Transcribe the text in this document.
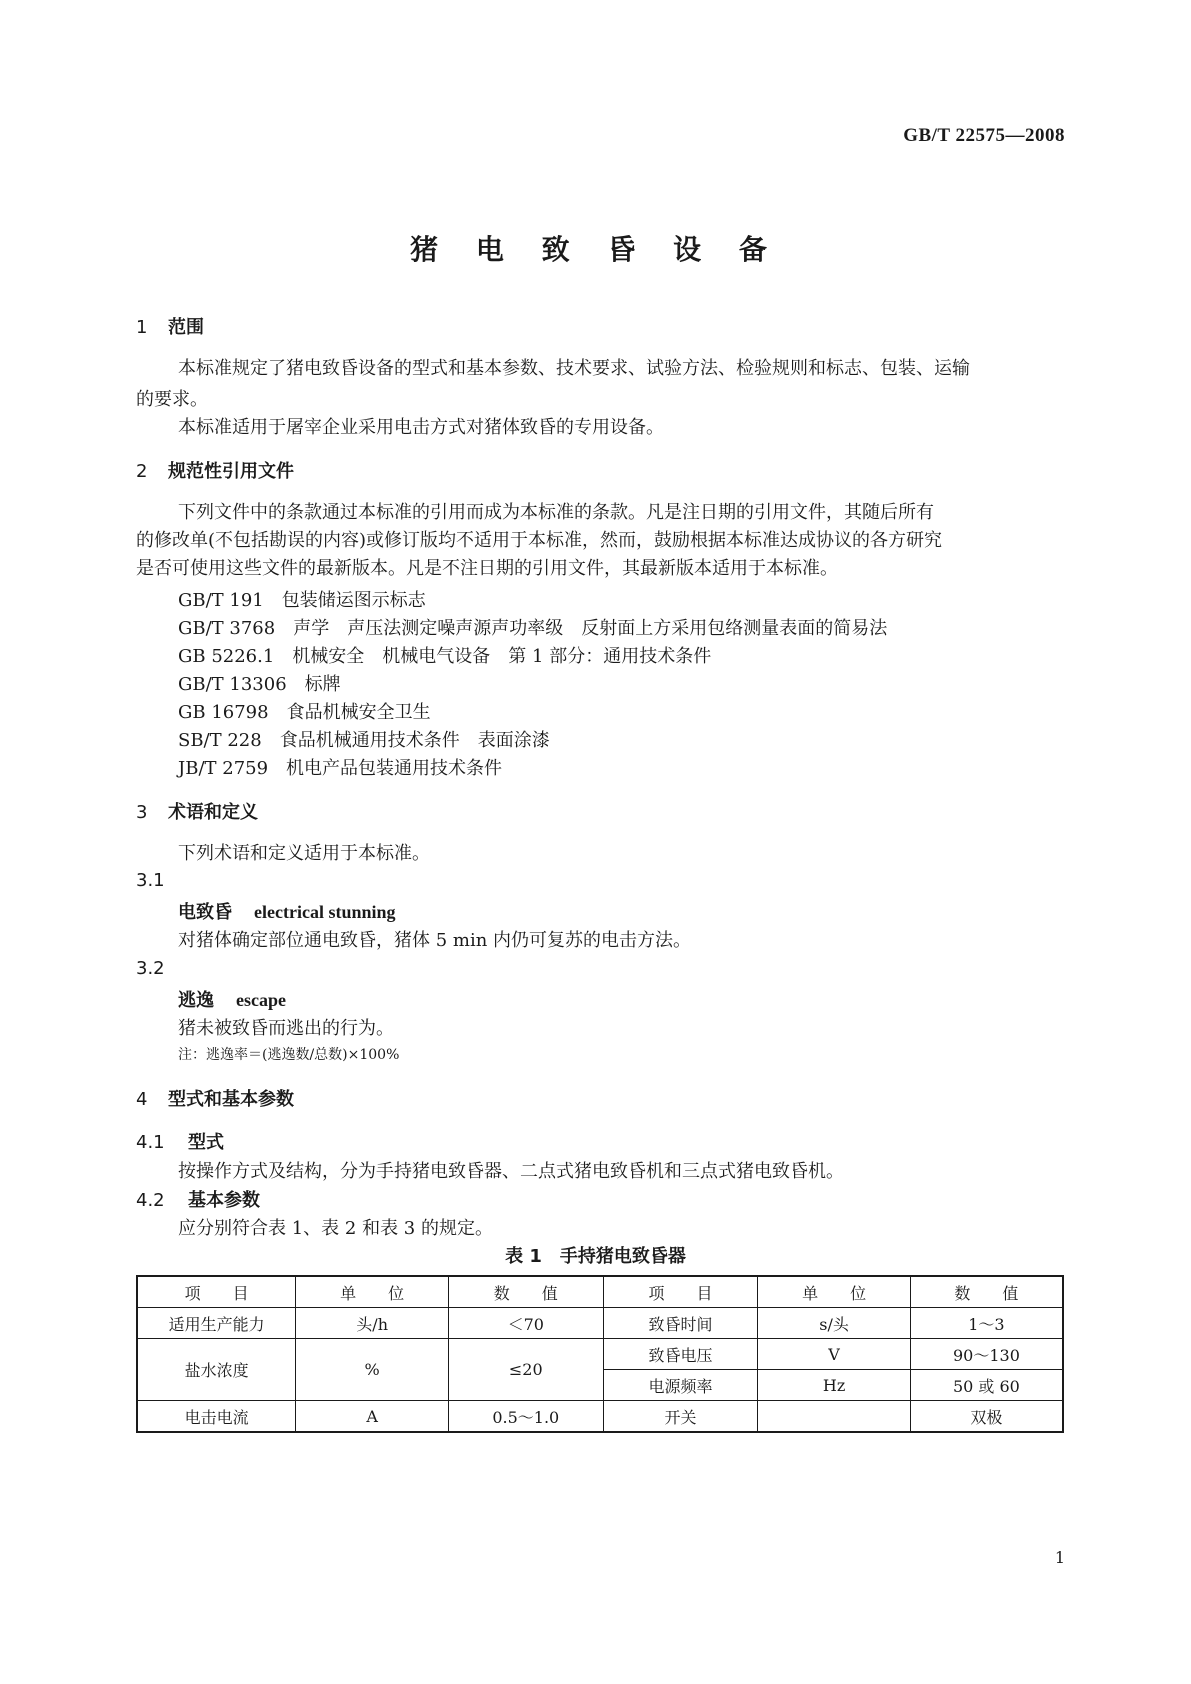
GB/T 22575—2008
猪 电 致 昏 设 备
1 范围
本标准规定了猪电致昏设备的型式和基本参数、技术要求、试验方法、检验规则和标志、包装、运输
的要求。
本标准适用于屠宰企业采用电击方式对猪体致昏的专用设备。
2 规范性引用文件
下列文件中的条款通过本标准的引用而成为本标准的条款。凡是注日期的引用文件，其随后所有
的修改单(不包括勘误的内容)或修订版均不适用于本标准，然而，鼓励根据本标准达成协议的各方研究
是否可使用这些文件的最新版本。凡是不注日期的引用文件，其最新版本适用于本标准。
GB/T 191 包装储运图示标志
GB/T 3768 声学　声压法测定噪声源声功率级　反射面上方采用包络测量表面的简易法
GB 5226.1 机械安全　机械电气设备　第 1 部分：通用技术条件
GB/T 13306 标牌
GB 16798 食品机械安全卫生
SB/T 228 食品机械通用技术条件　表面涂漆
JB/T 2759 机电产品包装通用技术条件
3 术语和定义
下列术语和定义适用于本标准。
3.1
电致昏 electrical stunning
对猪体确定部位通电致昏，猪体 5 min 内仍可复苏的电击方法。
3.2
逃逸 escape
猪未被致昏而逃出的行为。
注：逃逸率＝(逃逸数/总数)×100%
4 型式和基本参数
4.1 型式
按操作方式及结构，分为手持猪电致昏器、二点式猪电致昏机和三点式猪电致昏机。
4.2 基本参数
应分别符合表 1、表 2 和表 3 的规定。
表 1　手持猪电致昏器
项　　目	单　　位	数　　值	项　　目	单　　位	数　　值
适用生产能力	头/h	＜70	致昏时间	s/头	1～3
盐水浓度	%	≤20	致昏电压	V	90～130
			电源频率	Hz	50 或 60
电击电流	A	0.5～1.0	开关		双极
1
